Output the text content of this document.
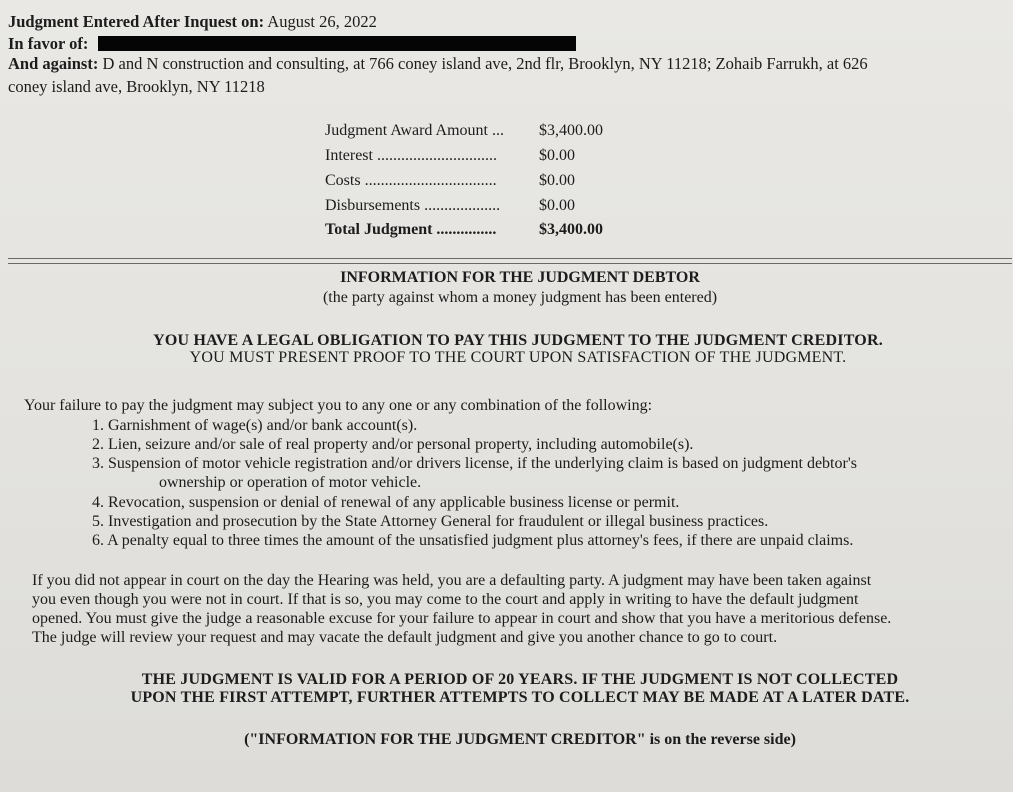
Judgment Entered After Inquest on: August 26, 2022
In favor of:
And against: D and N construction and consulting, at 766 coney island ave, 2nd flr, Brooklyn, NY 11218; Zohaib Farrukh, at 626
coney island ave, Brooklyn, NY 11218
Judgment Award Amount ... $3,400.00
Interest ..............................	$0.00
Costs .................................	$0.00
Disbursements ................... $0.00
Total Judgment ...............	$3,400.00
INFORMATION FOR THE JUDGMENT DEBTOR
(the party against whom a money judgment has been entered)
YOU HAVE A LEGAL OBLIGATION TO PAY THIS JUDGMENT TO THE JUDGMENT CREDITOR.
YOU MUST PRESENT PROOF TO THE COURT UPON SATISFACTION OF THE JUDGMENT.
Your failure to pay the judgment may subject you to any one or any combination of the following:
1. Garnishment of wage(s) and/or bank account(s).
2. Lien, seizure and/or sale of real property and/or personal property, including automobile(s).
3. Suspension of motor vehicle registration and/or drivers license, if the underlying claim is based on judgment debtor's
ownership or operation of motor vehicle.
4. Revocation, suspension or denial of renewal of any applicable business license or permit.
5. Investigation and prosecution by the State Attorney General for fraudulent or illegal business practices.
6. A penalty equal to three times the amount of the unsatisfied judgment plus attorney's fees, if there are unpaid claims.
If you did not appear in court on the day the Hearing was held, you are a defaulting party. A judgment may have been taken against
you even though you were not in court. If that is so, you may come to the court and apply in writing to have the default judgment
opened. You must give the judge a reasonable excuse for your failure to appear in court and show that you have a meritorious defense.
The judge will review your request and may vacate the default judgment and give you another chance to go to court.
THE JUDGMENT IS VALID FOR A PERIOD OF 20 YEARS. IF THE JUDGMENT IS NOT COLLECTED
UPON THE FIRST ATTEMPT, FURTHER ATTEMPTS TO COLLECT MAY BE MADE AT A LATER DATE.
("INFORMATION FOR THE JUDGMENT CREDITOR" is on the reverse side)
